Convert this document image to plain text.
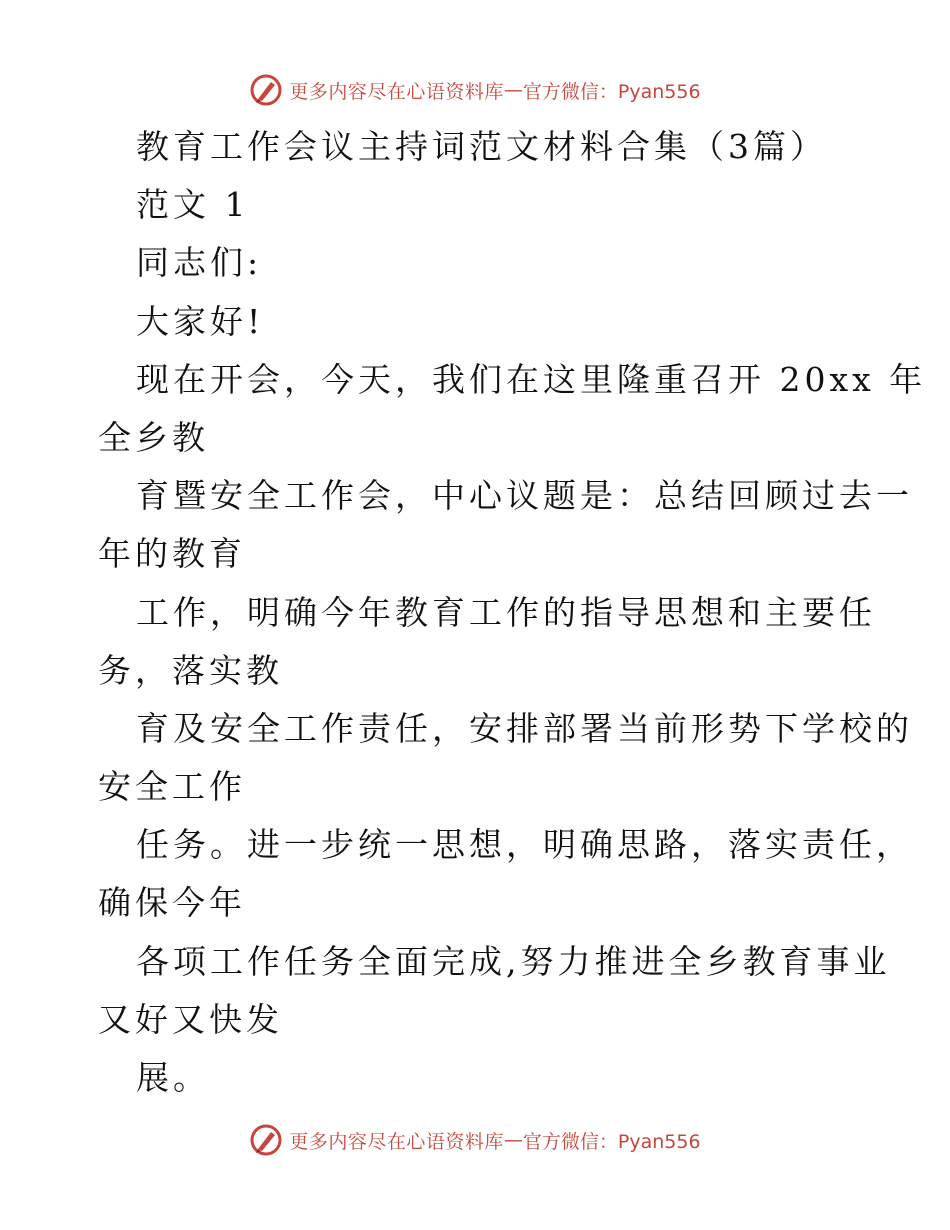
更多内容尽在心语资料库 — 官方微信：Pyan556
教育工作会议主持词范文材料合集（3篇）
范文 1
同志们:
大家好!
现在开会，今天，我们在这里隆重召开 20xx 年
全乡教
育暨安全工作会，中心议题是：总结回顾过去一
年的教育
工作，明确今年教育工作的指导思想和主要任
务，落实教
育及安全工作责任，安排部署当前形势下学校的
安全工作
任务。进一步统一思想，明确思路，落实责任，
确保今年
各项工作任务全面完成,努力推进全乡教育事业
又好又快发
展。
更多内容尽在心语资料库 — 官方微信：Pyan556
